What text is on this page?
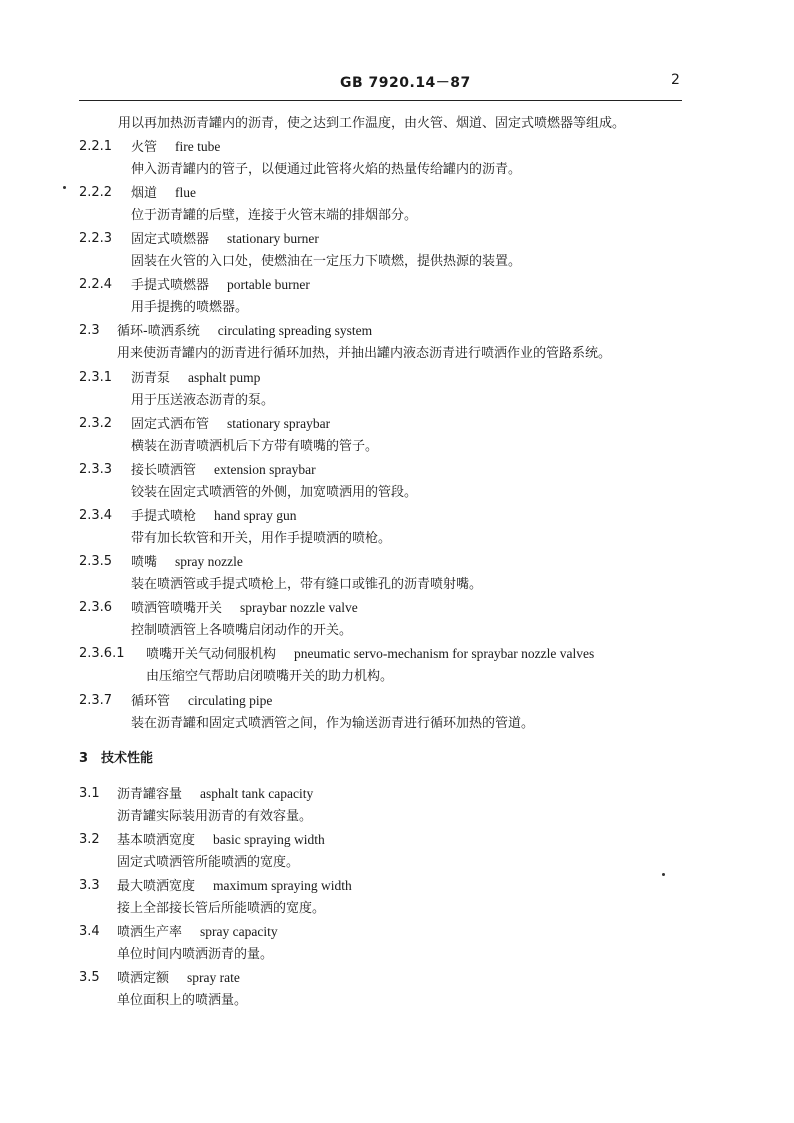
GB 7920.14－87	2
用以再加热沥青罐内的沥青，使之达到工作温度，由火管、烟道、固定式喷燃器等组成。
2.2.1 火管 fire tube
伸入沥青罐内的管子，以便通过此管将火焰的热量传给罐内的沥青。
2.2.2 烟道 flue
位于沥青罐的后壁，连接于火管末端的排烟部分。
2.2.3 固定式喷燃器 stationary burner
固装在火管的入口处，使燃油在一定压力下喷燃，提供热源的装置。
2.2.4 手提式喷燃器 portable burner
用手提携的喷燃器。
2.3 循环-喷洒系统 circulating spreading system
用来使沥青罐内的沥青进行循环加热，并抽出罐内液态沥青进行喷洒作业的管路系统。
2.3.1 沥青泵 asphalt pump
用于压送液态沥青的泵。
2.3.2 固定式洒布管 stationary spraybar
横装在沥青喷洒机后下方带有喷嘴的管子。
2.3.3 接长喷洒管 extension spraybar
铰装在固定式喷洒管的外侧，加宽喷洒用的管段。
2.3.4 手提式喷枪 hand spray gun
带有加长软管和开关，用作手提喷洒的喷枪。
2.3.5 喷嘴 spray nozzle
装在喷洒管或手提式喷枪上，带有缝口或锥孔的沥青喷射嘴。
2.3.6 喷洒管喷嘴开关 spraybar nozzle valve
控制喷洒管上各喷嘴启闭动作的开关。
2.3.6.1 喷嘴开关气动伺服机构 pneumatic servo-mechanism for spraybar nozzle valves
由压缩空气帮助启闭喷嘴开关的助力机构。
2.3.7 循环管 circulating pipe
装在沥青罐和固定式喷洒管之间，作为输送沥青进行循环加热的管道。
3 技术性能
3.1 沥青罐容量 asphalt tank capacity
沥青罐实际装用沥青的有效容量。
3.2 基本喷洒宽度 basic spraying width
固定式喷洒管所能喷洒的宽度。
3.3 最大喷洒宽度 maximum spraying width
接上全部接长管后所能喷洒的宽度。
3.4 喷洒生产率 spray capacity
单位时间内喷洒沥青的量。
3.5 喷洒定额 spray rate
单位面积上的喷洒量。
